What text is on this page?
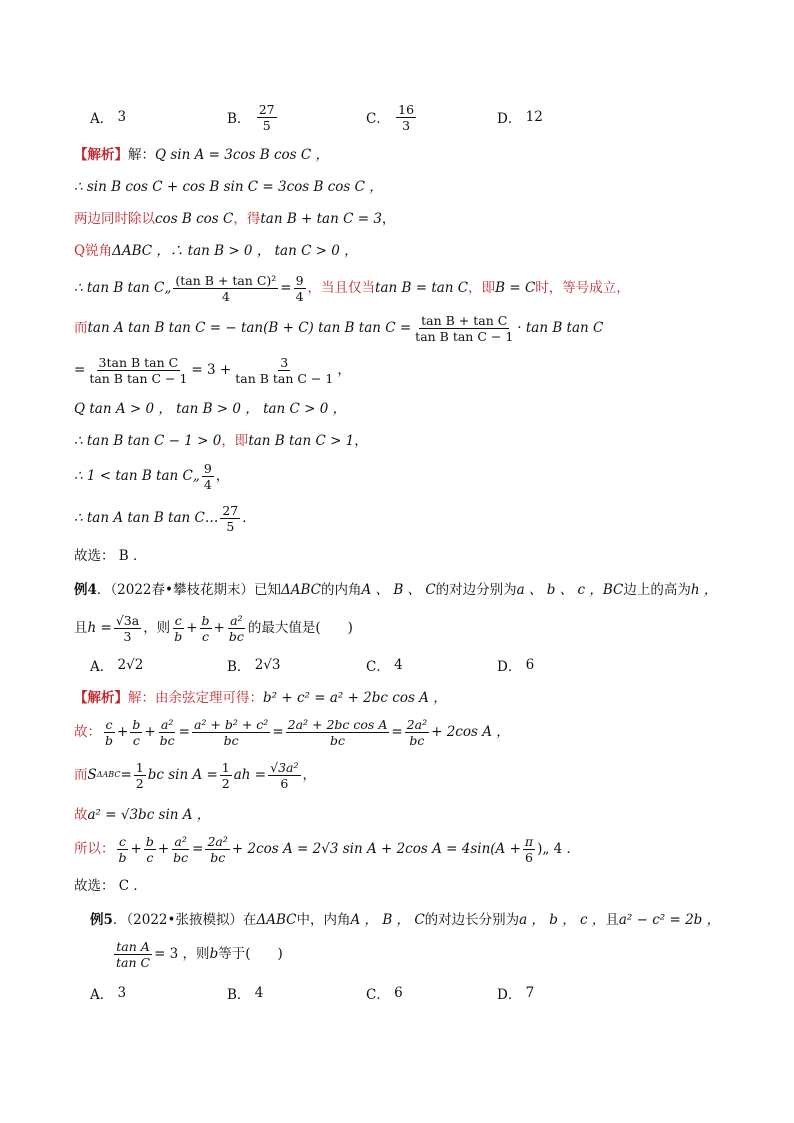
A．
3	B．
$\frac{27}{5}$	C．
$\frac{16}{3}$	D．
12
【解析】解：Q sin A = 3cos B cos C ，
∴ sin B cos C + cos B sin C = 3cos B cos C ，
两边同时除以cos B cos C，得tan B + tan C = 3，
Q锐角ΔABC ，∴ tan B > 0 ， tan C > 0 ，
∴ tan B tan C„ $\frac{\text{(tan B + tan C)²}}{4} = \frac{9}{4}$ ，当且仅当 tan B = tan C ，即 B = C 时，等号成立，
而 tan A tan B tan C = − tan(B + C) tan B $\tan C = \frac{\text{tan B + tan C}}{\text{tan B tan C − 1}} \cdot \tan B$ tan C
= $\frac{\text{3tan B tan C}}{\text{tan B tan C − 1}} = 3 + \frac{3}{\text{tan B tan C − 1}}$ ，
Q tan A > 0 ， tan B > 0 ， tan C > 0 ，
∴ tan B tan C − 1 > 0，即tan B tan C > 1，
∴ 1 < tan B tan C„ $\frac{9}{4}$ ，
∴ tan A tan B tan C… $\frac{27}{5}$ ．
故选： B ．
例4．（2022春•攀枝花期末）已知ΔABC的内角A 、 B 、 C的对边分别为a 、 b 、 c ，BC边上的高为h ，
且 $h = \frac{√3a}{3}$ ，则 $\frac{c}{b} + \frac{b}{c} + \frac{\text{a²}}{bc}$ 的最大值是(　　)
A．
2√2	B．
2√3	C．
4	D．
6
【解析】解：由余弦定理可得：b² + c² = a² + 2bc cos A ，
故： $\frac{c}{b} + \frac{b}{c} + \frac{\text{a²}}{bc} = \frac{\text{a² + b² + c²}}{bc} = \frac{\text{2a² + 2bc cos A}}{bc} = \frac{\text{2a²}}{bc} + 2\cos$ A ，
而 S $\Delta ABC = \frac{1}{2}$ bc $\sin A = \frac{1}{2}$ ah = $\frac{\text{√3a²}}{6}$ ，
故a² = √3bc sin A ，
所以： $\frac{c}{b} + \frac{b}{c} + \frac{\text{a²}}{bc} = \frac{\text{2a²}}{bc} + 2\cos$ A = 2√3 sin A + 2cos $A = 4\sin(A + \frac{\pi}{6}$ )„ 4 ．
故选： C ．
例5．（2022•张掖模拟）在ΔABC中，内角A ， B ， C的对边长分别为a ， b ， c ，且a² − c² = 2b ，
$\frac{\text{tan A}}{\text{tan C}} = 3$ ，则 b 等于(　　)
A．
3	B．
4	C．
6	D．
7
